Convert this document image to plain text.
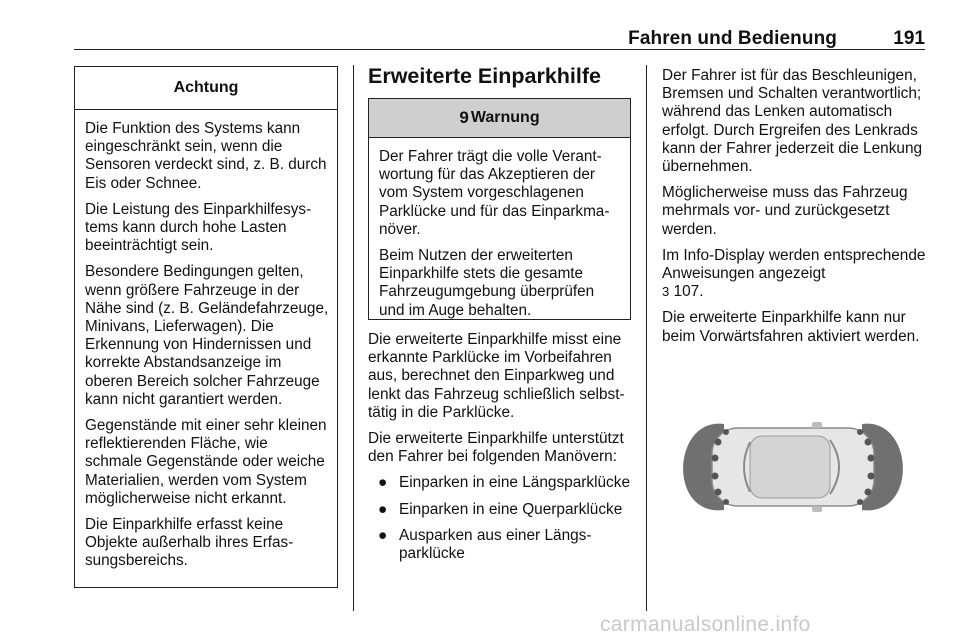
Fahren und Bedienung	191
Achtung

Die Funktion des Systems kann eingeschränkt sein, wenn die Sensoren verdeckt sind, z. B. durch Eis oder Schnee.

Die Leistung des Einparkhilfesystems kann durch hohe Lasten beeinträchtigt sein.

Besondere Bedingungen gelten, wenn größere Fahrzeuge in der Nähe sind (z. B. Geländefahrzeuge, Minivans, Lieferwagen). Die Erkennung von Hindernissen und korrekte Abstandsanzeige im oberen Bereich solcher Fahrzeuge kann nicht garantiert werden.

Gegenstände mit einer sehr kleinen reflektierenden Fläche, wie schmale Gegenstände oder weiche Materialien, werden vom System möglicherweise nicht erkannt.

Die Einparkhilfe erfasst keine Objekte außerhalb ihres Erfassungsbereichs.

Erweiterte Einparkhilfe
9 Warnung

Der Fahrer trägt die volle Verantwortung für das Akzeptieren der vom System vorgeschlagenen Parklücke und für das Einparkmanöver.

Beim Nutzen der erweiterten Einparkhilfe stets die gesamte Fahrzeugumgebung überprüfen und im Auge behalten.

Die erweiterte Einparkhilfe misst eine erkannte Parklücke im Vorbeifahren aus, berechnet den Einparkweg und lenkt das Fahrzeug schließlich selbsttätig in die Parklücke.

Die erweiterte Einparkhilfe unterstützt den Fahrer bei folgenden Manövern:

● Einparken in eine Längsparklücke
● Einparken in eine Querparklücke
● Ausparken aus einer Längsparklücke

Der Fahrer ist für das Beschleunigen, Bremsen und Schalten verantwortlich; während das Lenken automatisch erfolgt. Durch Ergreifen des Lenkrads kann der Fahrer jederzeit die Lenkung übernehmen.

Möglicherweise muss das Fahrzeug mehrmals vor- und zurückgesetzt werden.

Im Info-Display werden entsprechende Anweisungen angezeigt
3 107.

Die erweiterte Einparkhilfe kann nur beim Vorwärtsfahren aktiviert werden.

carmanualsonline.info
